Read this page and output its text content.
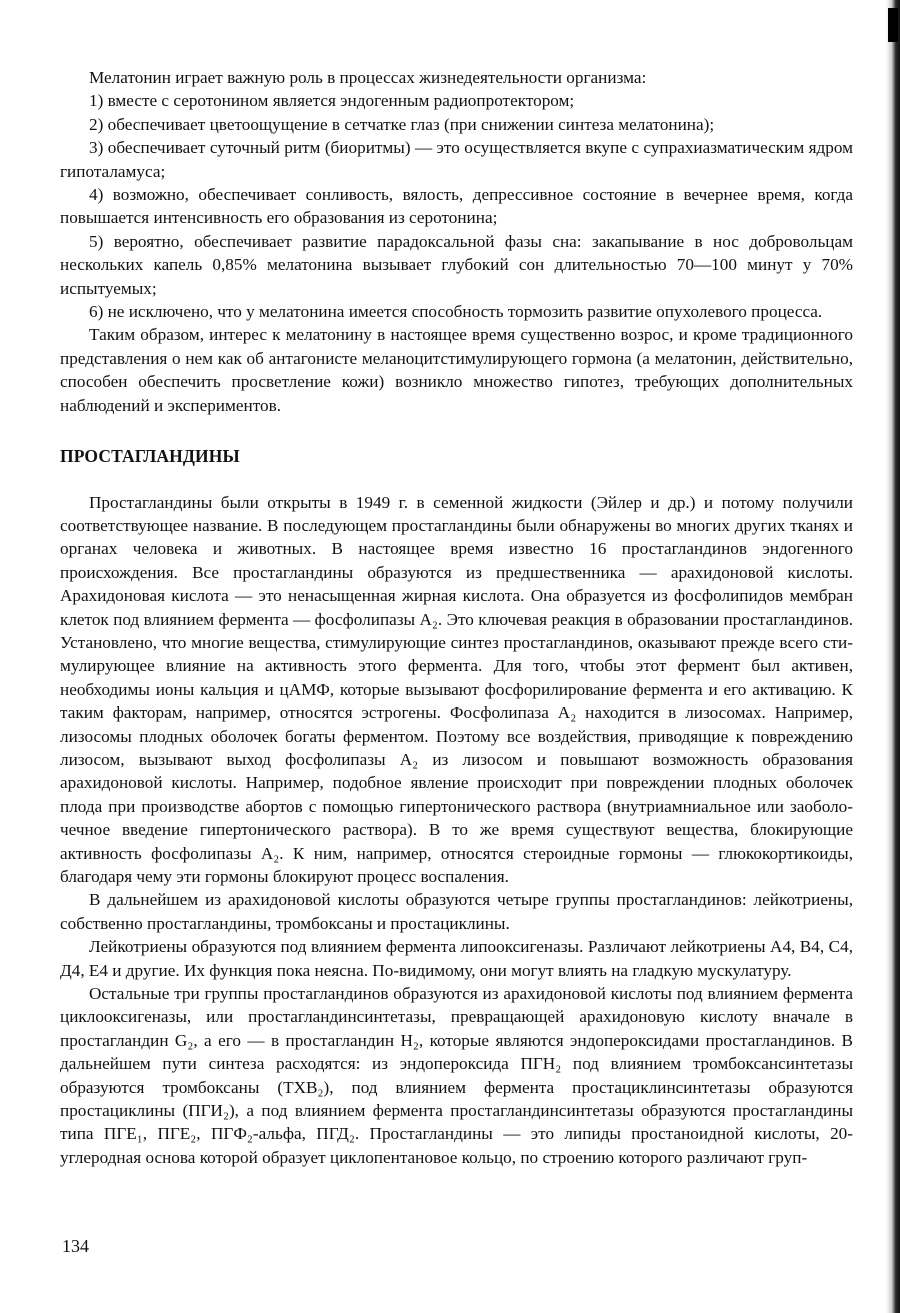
Мелатонин играет важную роль в процессах жизнедеятельности организма:

1) вместе с серотонином является эндогенным радиопротектором;

2) обеспечивает цветоощущение в сетчатке глаз (при снижении синтеза мелатонина);

3) обеспечивает суточный ритм (биоритмы) — это осуществляется вкупе с супрахиазматическим ядром гипоталамуса;

4) возможно, обеспечивает сонливость, вялость, депрессивное состояние в вечернее время, когда повышается интенсивность его образования из серотонина;

5) вероятно, обеспечивает развитие парадоксальной фазы сна: закапывание в нос добровольцам нескольких капель 0,85% мелатонина вызывает глубокий сон длительностью 70—100 минут у 70% испытуемых;

6) не исключено, что у мелатонина имеется способность тормозить развитие опухолевого процесса.

Таким образом, интерес к мелатонину в настоящее время существенно возрос, и кроме традиционного представления о нем как об антагонисте меланоцитстимулирующего гормона (а мелатонин, действительно, способен обеспечить просветление кожи) возникло множество гипотез, требующих дополнительных наблюдений и экспериментов.

ПРОСТАГЛАНДИНЫ

Простагландины были открыты в 1949 г. в семенной жидкости (Эйлер и др.) и потому получили соответствующее название. В последующем простагландины были обнаружены во многих других тканях и органах человека и животных. В настоящее время известно 16 простагландинов эндогенного происхождения. Все простагландины образуются из предшественника — арахидоновой кислоты. Арахидоновая кислота — это ненасыщенная жирная кислота. Она образуется из фосфолипидов мембран клеток под влиянием фермента — фосфолипазы А₂. Это ключевая реакция в образовании простагландинов. Установлено, что многие вещества, стимулирующие синтез простагландинов, оказывают прежде всего стимулирующее влияние на активность этого фермента. Для того, чтобы этот фермент был активен, необходимы ионы кальция и цАМФ, которые вызывают фосфорилирование фермента и его активацию. К таким факторам, например, относятся эстрогены. Фосфолипаза А₂ находится в лизосомах. Например, лизосомы плодных оболочек богаты ферментом. Поэтому все воздействия, приводящие к повреждению лизосом, вызывают выход фосфолипазы А₂ из лизосом и повышают возможность образования арахидоновой кислоты. Например, подобное явление происходит при повреждении плодных оболочек плода при производстве абортов с помощью гипертонического раствора (внутриамниальное или заоболочечное введение гипертонического раствора). В то же время существуют вещества, блокирующие активность фосфолипазы А₂. К ним, например, относятся стероидные гормоны — глюкокортикоиды, благодаря чему эти гормоны блокируют процесс воспаления.

В дальнейшем из арахидоновой кислоты образуются четыре группы простагландинов: лейкотриены, собственно простагландины, тромбоксаны и простациклины.

Лейкотриены образуются под влиянием фермента липооксигеназы. Различают лейкотриены А4, В4, С4, Д4, Е4 и другие. Их функция пока неясна. По-видимому, они могут влиять на гладкую мускулатуру.

Остальные три группы простагландинов образуются из арахидоновой кислоты под влиянием фермента циклооксигеназы, или простагландинсинтетазы, превращающей арахидоновую кислоту вначале в простагландин G₂, а его — в простагландин H₂, которые являются эндопероксидами простагландинов. В дальнейшем пути синтеза расходятся: из эндопероксида ПГН₂ под влиянием тромбоксансинтетазы образуются тромбоксаны (ТХВ₂), под влиянием фермента простациклинсинтетазы образуются простациклины (ПГИ₂), а под влиянием фермента простагландинсинтетазы образуются простагландины типа ПГЕ₁, ПГЕ₂, ПГФ₂-альфа, ПГД₂. Простагландины — это липиды простаноидной кислоты, 20-углеродная основа которой образует циклопентановое кольцо, по строению которого различают груп-

134
